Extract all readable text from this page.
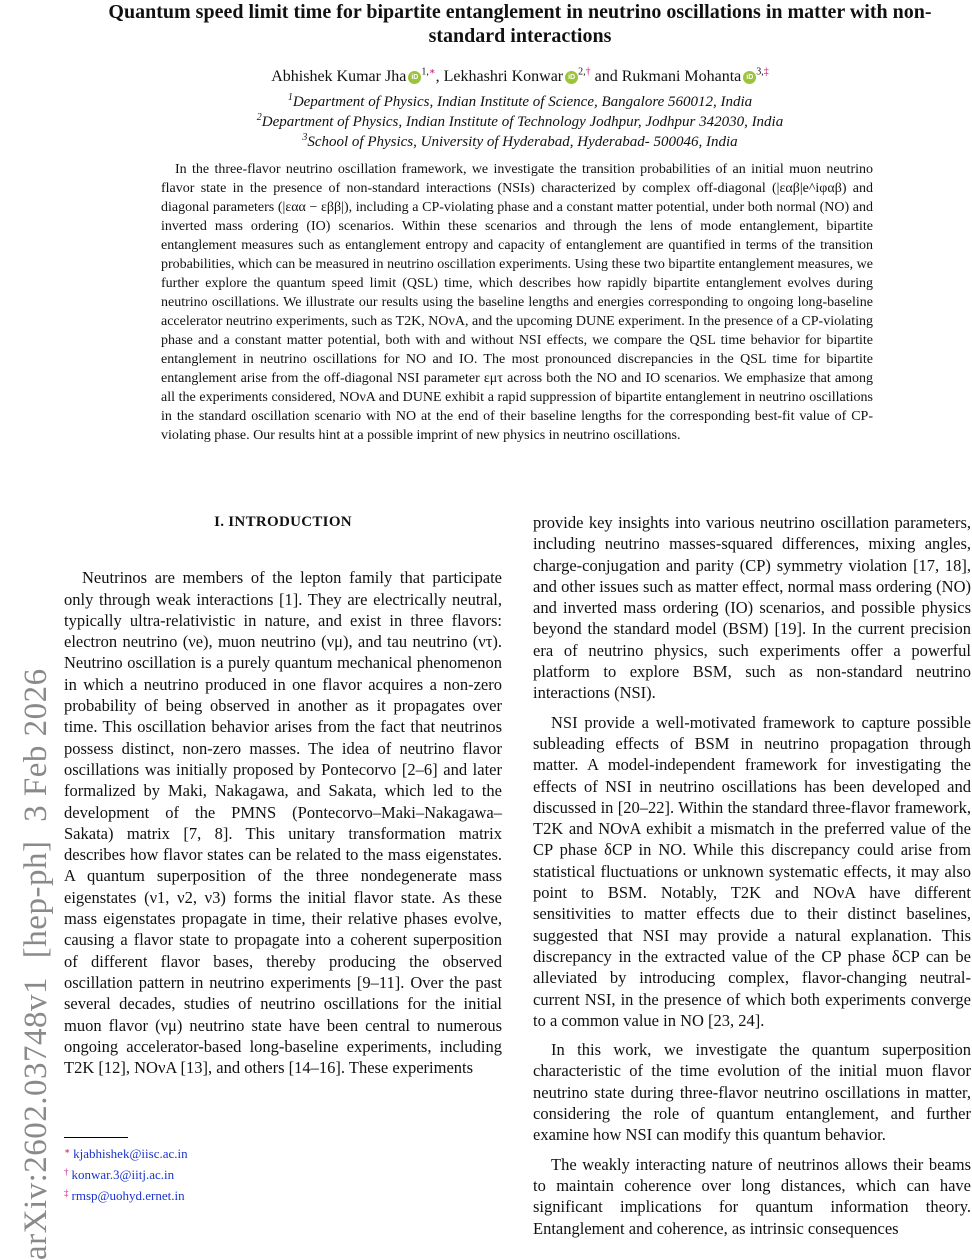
arXiv:2602.03748v1 [hep-ph] 3 Feb 2026
Quantum speed limit time for bipartite entanglement in neutrino oscillations in matter with non-standard interactions
Abhishek Kumar Jha iD $^{1,∗}$, Lekhashri Konwar iD $^{2,\dagger}$ and Rukmani Mohanta iD $^{3,\ddagger}$
$^1$Department of Physics, Indian Institute of Science, Bangalore 560012, India
$^2$Department of Physics, Indian Institute of Technology Jodhpur, Jodhpur 342030, India
$^3$School of Physics, University of Hyderabad, Hyderabad- 500046, India

In the three-flavor neutrino oscillation framework, we investigate the transition probabilities of an initial muon neutrino flavor state in the presence of non-standard interactions (NSIs) characterized by complex off-diagonal (|εαβ|e^iφαβ) and diagonal parameters (|εαα − εββ|), including a CP-violating phase and a constant matter potential, under both normal (NO) and inverted mass ordering (IO) scenarios. Within these scenarios and through the lens of mode entanglement, bipartite entanglement measures such as entanglement entropy and capacity of entanglement are quantified in terms of the transition probabilities, which can be measured in neutrino oscillation experiments. Using these two bipartite entanglement measures, we further explore the quantum speed limit (QSL) time, which describes how rapidly bipartite entanglement evolves during neutrino oscillations. We illustrate our results using the baseline lengths and energies corresponding to ongoing long-baseline accelerator neutrino experiments, such as T2K, NOνA, and the upcoming DUNE experiment. In the presence of a CP-violating phase and a constant matter potential, both with and without NSI effects, we compare the QSL time behavior for bipartite entanglement in neutrino oscillations for NO and IO. The most pronounced discrepancies in the QSL time for bipartite entanglement arise from the off-diagonal NSI parameter εμτ across both the NO and IO scenarios. We emphasize that among all the experiments considered, NOνA and DUNE exhibit a rapid suppression of bipartite entanglement in neutrino oscillations in the standard oscillation scenario with NO at the end of their baseline lengths for the corresponding best-fit value of CP-violating phase. Our results hint at a possible imprint of new physics in neutrino oscillations.

I. INTRODUCTION

Neutrinos are members of the lepton family that participate only through weak interactions [1]. They are electrically neutral, typically ultra-relativistic in nature, and exist in three flavors: electron neutrino (νe), muon neutrino (νμ), and tau neutrino (ντ). Neutrino oscillation is a purely quantum mechanical phenomenon in which a neutrino produced in one flavor acquires a non-zero probability of being observed in another as it propagates over time. This oscillation behavior arises from the fact that neutrinos possess distinct, non-zero masses. The idea of neutrino flavor oscillations was initially proposed by Pontecorvo [2–6] and later formalized by Maki, Nakagawa, and Sakata, which led to the development of the PMNS (Pontecorvo–Maki–Nakagawa–Sakata) matrix [7, 8]. This unitary transformation matrix describes how flavor states can be related to the mass eigenstates. A quantum superposition of the three nondegenerate mass eigenstates (ν1, ν2, ν3) forms the initial flavor state. As these mass eigenstates propagate in time, their relative phases evolve, causing a flavor state to propagate into a coherent superposition of different flavor bases, thereby producing the observed oscillation pattern in neutrino experiments [9–11]. Over the past several decades, studies of neutrino oscillations for the initial muon flavor (νμ) neutrino state have been central to numerous ongoing accelerator-based long-baseline experiments, including T2K [12], NOνA [13], and others [14–16]. These experiments

provide key insights into various neutrino oscillation parameters, including neutrino masses-squared differences, mixing angles, charge-conjugation and parity (CP) symmetry violation [17, 18], and other issues such as matter effect, normal mass ordering (NO) and inverted mass ordering (IO) scenarios, and possible physics beyond the standard model (BSM) [19]. In the current precision era of neutrino physics, such experiments offer a powerful platform to explore BSM, such as non-standard neutrino interactions (NSI).

NSI provide a well-motivated framework to capture possible subleading effects of BSM in neutrino propagation through matter. A model-independent framework for investigating the effects of NSI in neutrino oscillations has been developed and discussed in [20–22]. Within the standard three-flavor framework, T2K and NOνA exhibit a mismatch in the preferred value of the CP phase δCP in NO. While this discrepancy could arise from statistical fluctuations or unknown systematic effects, it may also point to BSM. Notably, T2K and NOνA have different sensitivities to matter effects due to their distinct baselines, suggested that NSI may provide a natural explanation. This discrepancy in the extracted value of the CP phase δCP can be alleviated by introducing complex, flavor-changing neutral-current NSI, in the presence of which both experiments converge to a common value in NO [23, 24].

In this work, we investigate the quantum superposition characteristic of the time evolution of the initial muon flavor neutrino state during three-flavor neutrino oscillations in matter, considering the role of quantum entanglement, and further examine how NSI can modify this quantum behavior.

The weakly interacting nature of neutrinos allows their beams to maintain coherence over long distances, which can have significant implications for quantum information theory. Entanglement and coherence, as intrinsic consequences

∗ kjabhishek@iisc.ac.in
† konwar.3@iitj.ac.in
‡ rmsp@uohyd.ernet.in
